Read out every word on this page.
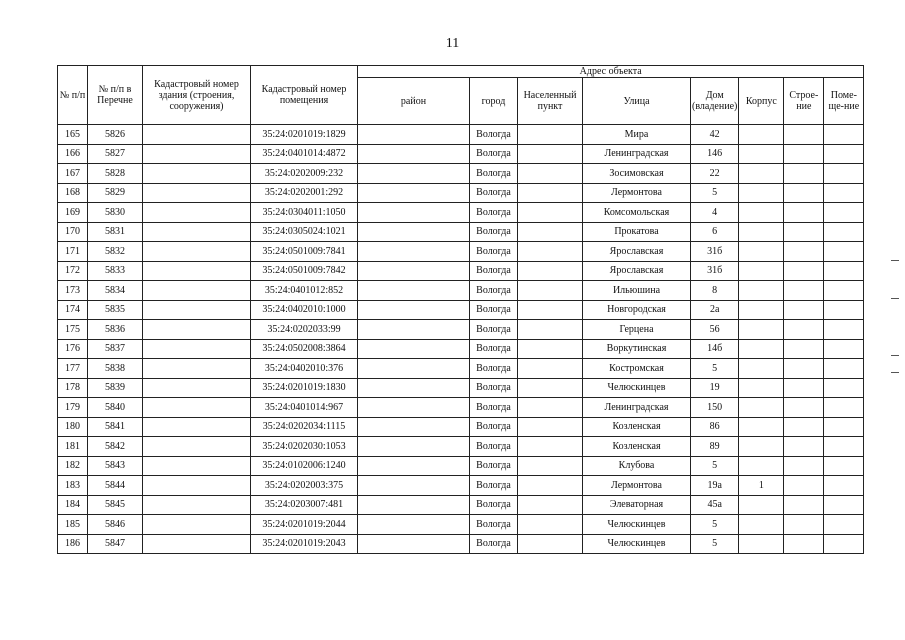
11
№ п/п	№ п/п в Перечне	Кадастровый номер здания (строения, сооружения)	Кадастровый номер помещения	Адрес объекта							
				район	город	Населенный пункт	Улица	Дом (владение)	Корпус	Строе-ние	Поме-ще-ние
165	5826		35:24:0201019:1829		Вологда		Мира	42			
166	5827		35:24:0401014:4872		Вологда		Ленинградская	146			
167	5828		35:24:0202009:232		Вологда		Зосимовская	22			
168	5829		35:24:0202001:292		Вологда		Лермонтова	5			
169	5830		35:24:0304011:1050		Вологда		Комсомольская	4			
170	5831		35:24:0305024:1021		Вологда		Прокатова	6			
171	5832		35:24:0501009:7841		Вологда		Ярославская	31б			
172	5833		35:24:0501009:7842		Вологда		Ярославская	31б			
173	5834		35:24:0401012:852		Вологда		Ильюшина	8			
174	5835		35:24:0402010:1000		Вологда		Новгородская	2а			
175	5836		35:24:0202033:99		Вологда		Герцена	56			
176	5837		35:24:0502008:3864		Вологда		Воркутинская	14б			
177	5838		35:24:0402010:376		Вологда		Костромская	5			
178	5839		35:24:0201019:1830		Вологда		Челюскинцев	19			
179	5840		35:24:0401014:967		Вологда		Ленинградская	150			
180	5841		35:24:0202034:1115		Вологда		Козленская	86			
181	5842		35:24:0202030:1053		Вологда		Козленская	89			
182	5843		35:24:0102006:1240		Вологда		Клубова	5			
183	5844		35:24:0202003:375		Вологда		Лермонтова	19а	1		
184	5845		35:24:0203007:481		Вологда		Элеваторная	45а			
185	5846		35:24:0201019:2044		Вологда		Челюскинцев	5			
186	5847		35:24:0201019:2043		Вологда		Челюскинцев	5			
